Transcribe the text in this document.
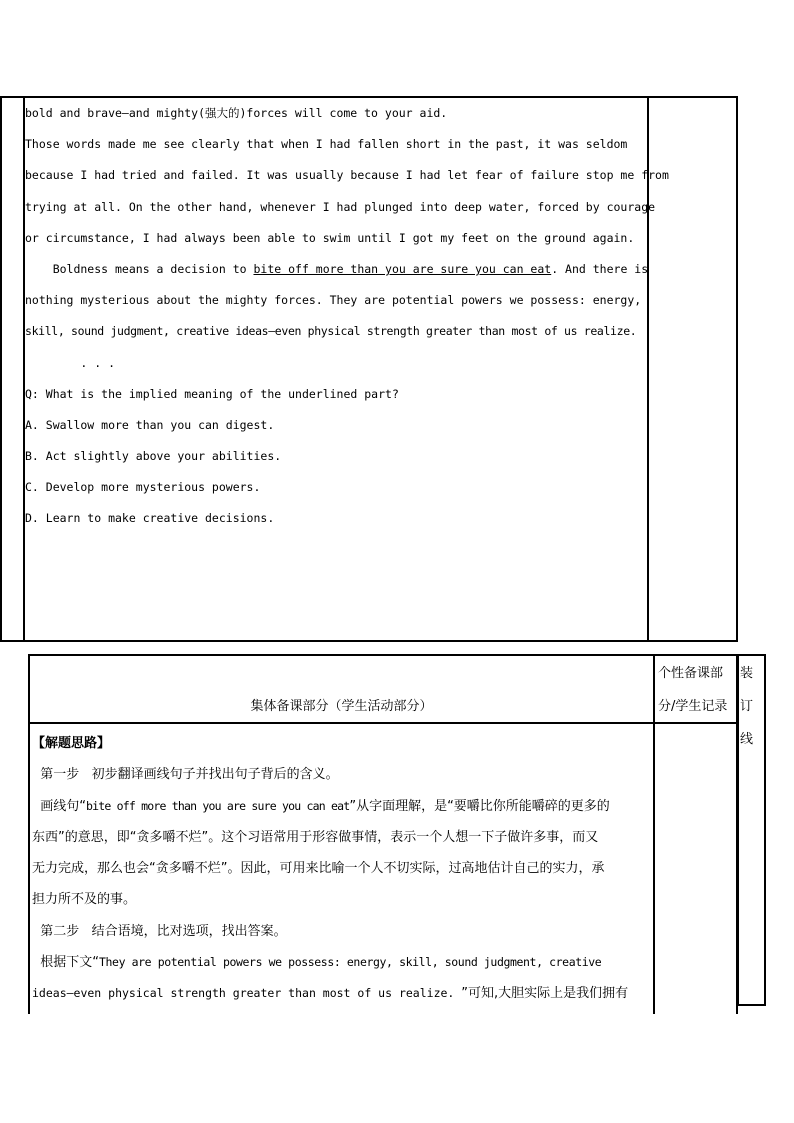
bold and brave—and mighty(强大的)forces will come to your aid.
Those words made me see clearly that when I had fallen short in the past, it was seldom
because I had tried and failed. It was usually because I had let fear of failure stop me from
trying at all. On the other hand, whenever I had plunged into deep water, forced by courage
or circumstance, I had always been able to swim until I got my feet on the ground again.
Boldness means a decision to bite off more than you are sure you can eat. And there is
nothing mysterious about the mighty forces. They are potential powers we possess: energy,
skill, sound judgment, creative ideas—even physical strength greater than most of us realize.
. . .
Q: What is the implied meaning of the underlined part?
A. Swallow more than you can digest.
B. Act slightly above your abilities.
C. Develop more mysterious powers.
D. Learn to make creative decisions.
集体备课部分（学生活动部分）
【解题思路】
第一步   初步翻译画线句子并找出句子背后的含义。
画线句“bite off more than you are sure you can eat”从字面理解，是“要嚼比你所能嚼碎的更多的
东西”的意思，即“贪多嚼不烂”。这个习语常用于形容做事情，表示一个人想一下子做许多事，而又
无力完成，那么也会“贪多嚼不烂”。因此，可用来比喻一个人不切实际，过高地估计自己的实力，承
担力所不及的事。
第二步   结合语境，比对选项，找出答案。
根据下文“They are potential powers we possess: energy, skill, sound judgment, creative
ideas—even physical strength greater than most of us realize. ”可知,大胆实际上是我们拥有
个性备课部
分/学生记录
装
订
线
